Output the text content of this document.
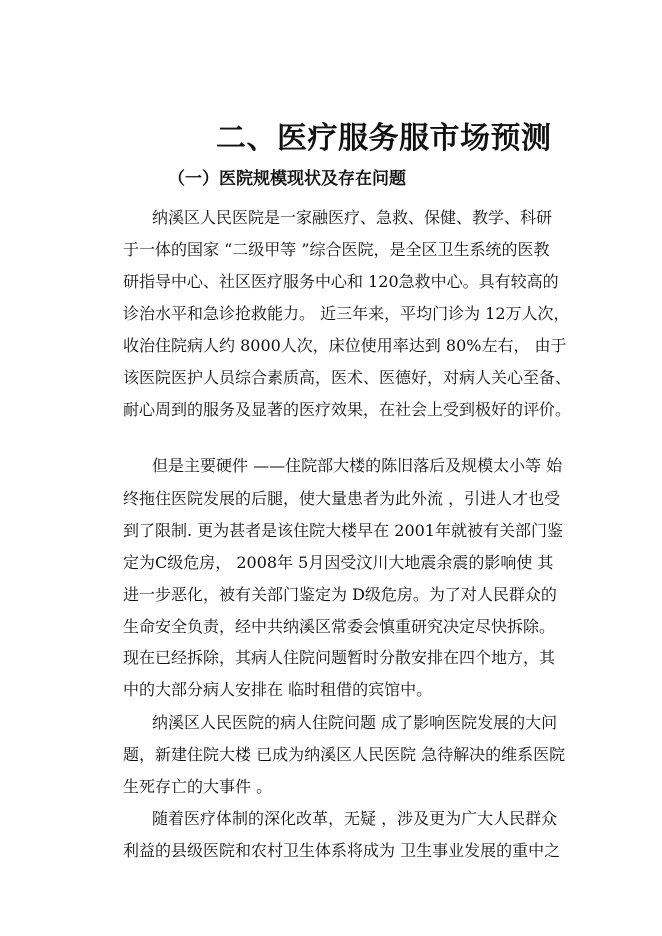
二、医疗服务服市场预测
（一）医院规模现状及存在问题
纳溪区人民医院是一家融医疗、急救、保健、教学、科研
于一体的国家 “二级甲等 ”综合医院，是全区卫生系统的医教
研指导中心、社区医疗服务中心和 120急救中心。具有较高的
诊治水平和急诊抢救能力。 近三年来，平均门诊为 12万人次，
收治住院病人约 8000人次，床位使用率达到 80%左右， 由于
该医院医护人员综合素质高，医术、医德好，对病人关心至备、
耐心周到的服务及显著的医疗效果，在社会上受到极好的评价。
但是主要硬件 ——住院部大楼的陈旧落后及规模太小等 始
终拖住医院发展的后腿，使大量患者为此外流 ，引进人才也受
到了限制. 更为甚者是该住院大楼早在 2001年就被有关部门鉴
定为C级危房， 2008年 5月因受汶川大地震余震的影响使 其
进一步恶化，被有关部门鉴定为 D级危房。为了对人民群众的
生命安全负责，经中共纳溪区常委会慎重研究决定尽快拆除。
现在已经拆除，其病人住院问题暂时分散安排在四个地方，其
中的大部分病人安排在 临时租借的宾馆中。
纳溪区人民医院的病人住院问题 成了影响医院发展的大问
题，新建住院大楼 已成为纳溪区人民医院 急待解决的维系医院
生死存亡的大事件 。
随着医疗体制的深化改革，无疑 ，涉及更为广大人民群众
利益的县级医院和农村卫生体系将成为 卫生事业发展的重中之
